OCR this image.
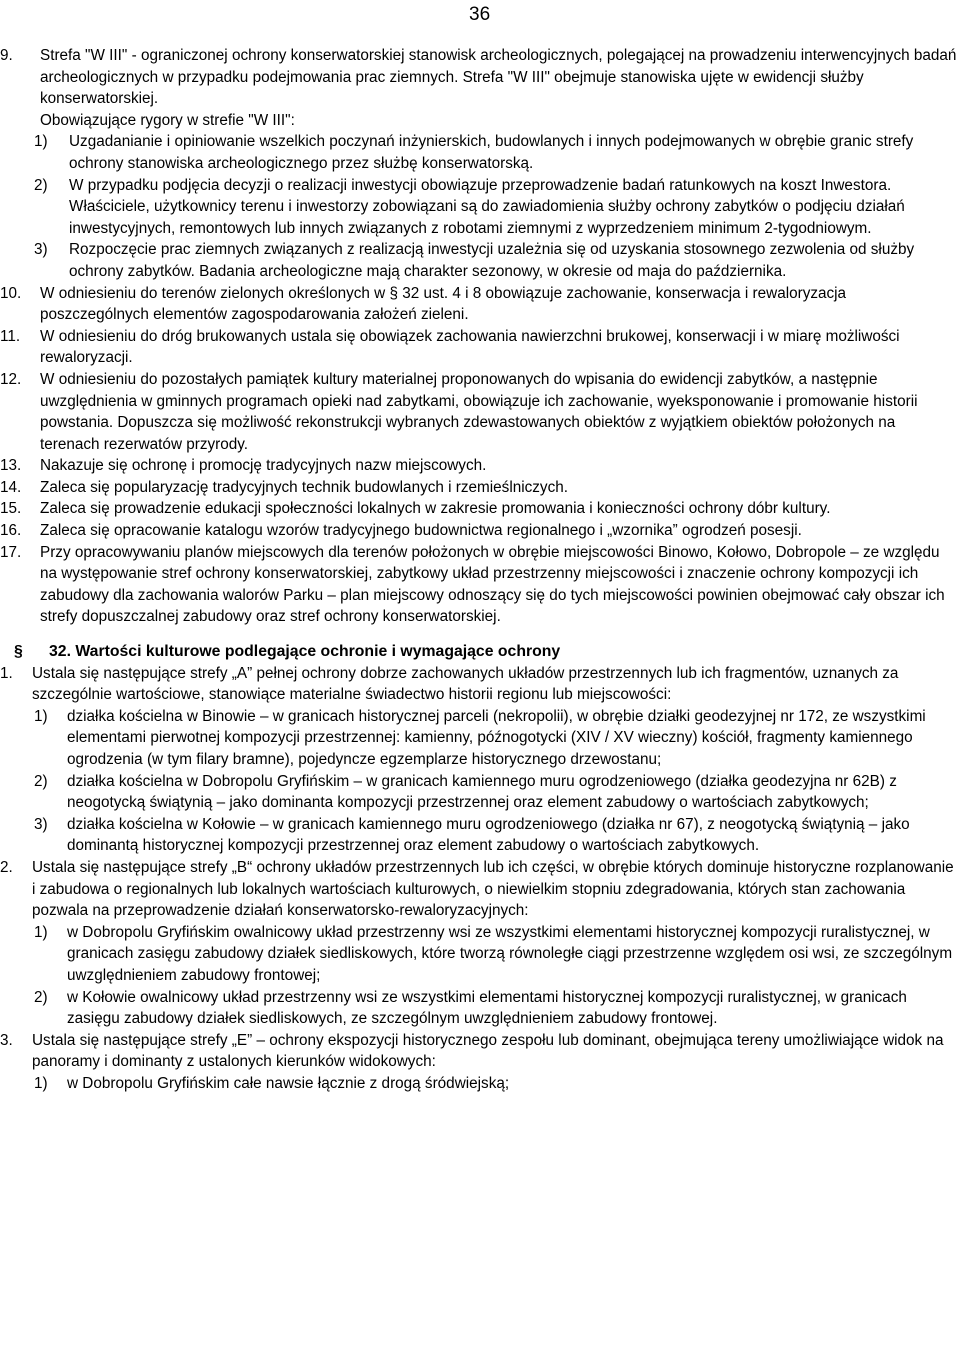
36
9. Strefa "W III" - ograniczonej ochrony konserwatorskiej stanowisk archeologicznych, polegającej na prowadzeniu interwencyjnych badań archeologicznych w przypadku podejmowania prac ziemnych. Strefa "W III" obejmuje stanowiska ujęte w ewidencji służby konserwatorskiej.

Obowiązujące rygory w strefie "W III":

1) Uzgadanianie i opiniowanie wszelkich poczynań inżynierskich, budowlanych i innych podejmowanych w obrębie granic strefy ochrony stanowiska archeologicznego przez służbę konserwatorską.

2) W przypadku podjęcia decyzji o realizacji inwestycji obowiązuje przeprowadzenie badań ratunkowych na koszt Inwestora. Właściciele, użytkownicy terenu i inwestorzy zobowiązani są do zawiadomienia służby ochrony zabytków o podjęciu działań inwestycyjnych, remontowych lub innych związanych z robotami ziemnymi z wyprzedzeniem minimum 2-tygodniowym.

3) Rozpoczęcie prac ziemnych związanych z realizacją inwestycji uzależnia się od uzyskania stosownego zezwolenia od służby ochrony zabytków. Badania archeologiczne mają charakter sezonowy, w okresie od maja do października.

10. W odniesieniu do terenów zielonych określonych w § 32 ust. 4 i 8 obowiązuje zachowanie, konserwacja i rewaloryzacja poszczególnych elementów zagospodarowania założeń zieleni.

11. W odniesieniu do dróg brukowanych ustala się obowiązek zachowania nawierzchni brukowej, konserwacji i w miarę możliwości rewaloryzacji.

12. W odniesieniu do pozostałych pamiątek kultury materialnej proponowanych do wpisania do ewidencji zabytków, a następnie uwzględnienia w gminnych programach opieki nad zabytkami, obowiązuje ich zachowanie, wyeksponowanie i promowanie historii powstania. Dopuszcza się możliwość rekonstrukcji wybranych zdewastowanych obiektów z wyjątkiem obiektów położonych na terenach rezerwatów przyrody.

13. Nakazuje się ochronę i promocję tradycyjnych nazw miejscowych.

14. Zaleca się popularyzację tradycyjnych technik budowlanych i rzemieślniczych.

15. Zaleca się prowadzenie edukacji społeczności lokalnych w zakresie promowania i konieczności ochrony dóbr kultury.

16. Zaleca się opracowanie katalogu wzorów tradycyjnego budownictwa regionalnego i „wzornika” ogrodzeń posesji.

17. Przy opracowywaniu planów miejscowych dla terenów położonych w obrębie miejscowości Binowo, Kołowo, Dobropole – ze względu na występowanie stref ochrony konserwatorskiej, zabytkowy układ przestrzenny miejscowości i znaczenie ochrony kompozycji ich zabudowy dla zachowania walorów Parku – plan miejscowy odnoszący się do tych miejscowości powinien obejmować cały obszar ich strefy dopuszczalnej zabudowy oraz stref ochrony konserwatorskiej.

§ 32. Wartości kulturowe podlegające ochronie i wymagające ochrony
1. Ustala się następujące strefy „A” pełnej ochrony dobrze zachowanych układów przestrzennych lub ich fragmentów, uznanych za szczególnie wartościowe, stanowiące materialne świadectwo historii regionu lub miejscowości:

1) działka kościelna w Binowie – w granicach historycznej parceli (nekropolii), w obrębie działki geodezyjnej nr 172, ze wszystkimi elementami pierwotnej kompozycji przestrzennej: kamienny, późnogotycki (XIV / XV wieczny) kościół, fragmenty kamiennego ogrodzenia (w tym filary bramne), pojedyncze egzemplarze historycznego drzewostanu;

2) działka kościelna w Dobropolu Gryfińskim – w granicach kamiennego muru ogrodzeniowego (działka geodezyjna nr 62B) z neogotycką świątynią – jako dominanta kompozycji przestrzennej oraz element zabudowy o wartościach zabytkowych;

3) działka kościelna w Kołowie – w granicach kamiennego muru ogrodzeniowego (działka nr 67), z neogotycką świątynią – jako dominantą historycznej kompozycji przestrzennej oraz element zabudowy o wartościach zabytkowych.

2. Ustala się następujące strefy „B“ ochrony układów przestrzennych lub ich części, w obrębie których dominuje historyczne rozplanowanie i zabudowa o regionalnych lub lokalnych wartościach kulturowych, o niewielkim stopniu zdegradowania, których stan zachowania pozwala na przeprowadzenie działań konserwatorsko-rewaloryzacyjnych:

1) w Dobropolu Gryfińskim owalnicowy układ przestrzenny wsi ze wszystkimi elementami historycznej kompozycji ruralistycznej, w granicach zasięgu zabudowy działek siedliskowych, które tworzą równoległe ciągi przestrzenne względem osi wsi, ze szczególnym uwzględnieniem zabudowy frontowej;

2) w Kołowie owalnicowy układ przestrzenny wsi ze wszystkimi elementami historycznej kompozycji ruralistycznej, w granicach zasięgu zabudowy działek siedliskowych, ze szczególnym uwzględnieniem zabudowy frontowej.

3. Ustala się następujące strefy „E” – ochrony ekspozycji historycznego zespołu lub dominant, obejmująca tereny umożliwiające widok na panoramy i dominanty z ustalonych kierunków widokowych:

1) w Dobropolu Gryfińskim całe nawsie łącznie z drogą śródwiejską;
